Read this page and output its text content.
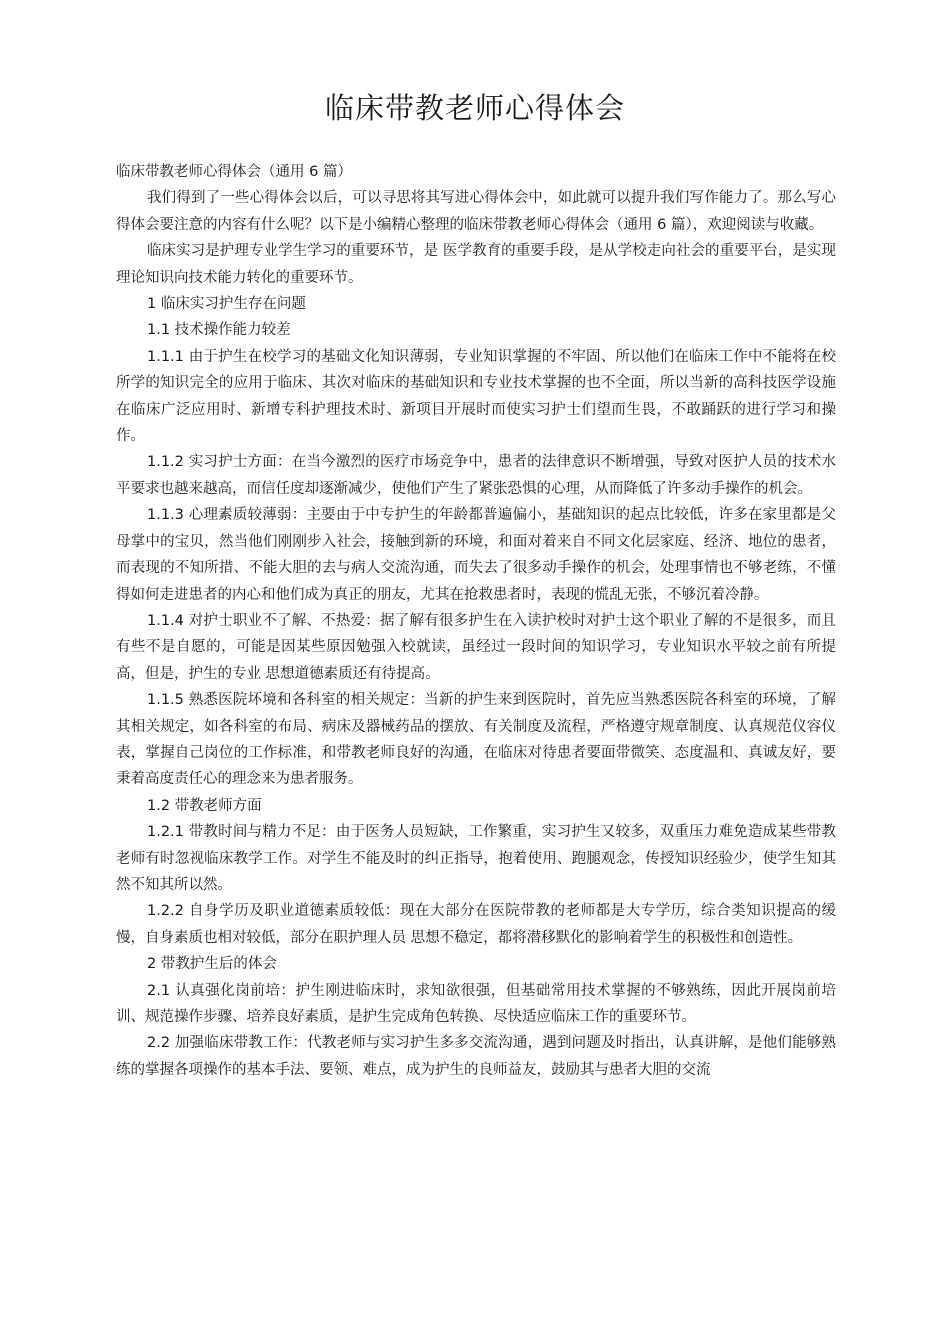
临床带教老师心得体会

临床带教老师心得体会（通用 6 篇）

我们得到了一些心得体会以后，可以寻思将其写进心得体会中，如此就可以提升我们写作能力了。那么写心得体会要注意的内容有什么呢？以下是小编精心整理的临床带教老师心得体会（通用 6 篇），欢迎阅读与收藏。

临床实习是护理专业学生学习的重要环节，是 医学教育的重要手段，是从学校走向社会的重要平台，是实现理论知识向技术能力转化的重要环节。

1 临床实习护生存在问题

1.1 技术操作能力较差

1.1.1 由于护生在校学习的基础文化知识薄弱，专业知识掌握的不牢固、所以他们在临床工作中不能将在校所学的知识完全的应用于临床、其次对临床的基础知识和专业技术掌握的也不全面，所以当新的高科技医学设施在临床广泛应用时、新增专科护理技术时、新项目开展时而使实习护士们望而生畏，不敢踊跃的进行学习和操作。

1.1.2 实习护士方面：在当今激烈的医疗市场竞争中，患者的法律意识不断增强，导致对医护人员的技术水平要求也越来越高，而信任度却逐渐减少，使他们产生了紧张恐惧的心理，从而降低了许多动手操作的机会。

1.1.3 心理素质较薄弱：主要由于中专护生的年龄都普遍偏小，基础知识的起点比较低，许多在家里都是父母掌中的宝贝，然当他们刚刚步入社会，接触到新的环境，和面对着来自不同文化层家庭、经济、地位的患者，而表现的不知所措、不能大胆的去与病人交流沟通，而失去了很多动手操作的机会，处理事情也不够老练，不懂得如何走进患者的内心和他们成为真正的朋友，尤其在抢救患者时，表现的慌乱无张，不够沉着冷静。

1.1.4 对护士职业不了解、不热爱：据了解有很多护生在入读护校时对护士这个职业了解的不是很多，而且有些不是自愿的，可能是因某些原因勉强入校就读，虽经过一段时间的知识学习，专业知识水平较之前有所提高，但是，护生的专业 思想道德素质还有待提高。

1.1.5 熟悉医院坏境和各科室的相关规定：当新的护生来到医院时，首先应当熟悉医院各科室的环境，了解其相关规定，如各科室的布局、病床及器械药品的摆放、有关制度及流程，严格遵守规章制度、认真规范仪容仪表，掌握自己岗位的工作标准，和带教老师良好的沟通，在临床对待患者要面带微笑、态度温和、真诚友好，要秉着高度责任心的理念来为患者服务。

1.2 带教老师方面

1.2.1 带教时间与精力不足：由于医务人员短缺，工作繁重，实习护生又较多，双重压力难免造成某些带教老师有时忽视临床教学工作。对学生不能及时的纠正指导，抱着使用、跑腿观念，传授知识经验少，使学生知其然不知其所以然。

1.2.2 自身学历及职业道德素质较低：现在大部分在医院带教的老师都是大专学历，综合类知识提高的缓慢，自身素质也相对较低，部分在职护理人员 思想不稳定，都将潜移默化的影响着学生的积极性和创造性。

2 带教护生后的体会

2.1 认真强化岗前培：护生刚进临床时，求知欲很强，但基础常用技术掌握的不够熟练，因此开展岗前培训、规范操作步骤、培养良好素质，是护生完成角色转换、尽快适应临床工作的重要环节。

2.2 加强临床带教工作：代教老师与实习护生多多交流沟通，遇到问题及时指出，认真讲解，是他们能够熟练的掌握各项操作的基本手法、要领、难点，成为护生的良师益友，鼓励其与患者大胆的交流
